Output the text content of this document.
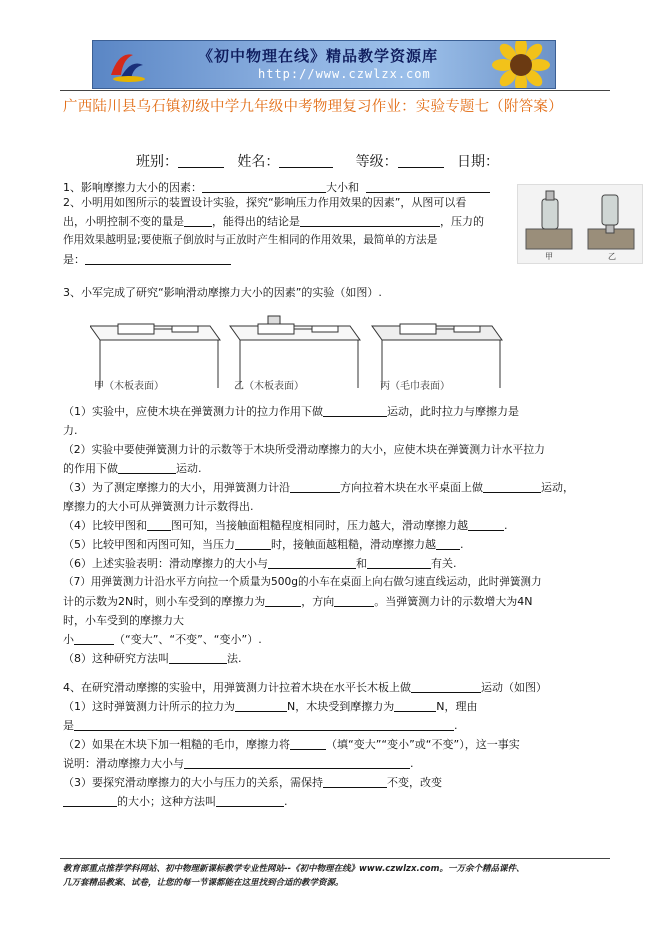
《初中物理在线》精品教学资源库
http://www.czwlzx.com
广西陆川县乌石镇初级中学九年级中考物理复习作业：实验专题七（附答案）
班别：	姓名：	等级：	日期：
1、影响摩擦力大小的因素：	大小和
2、小明用如图所示的装置设计实验，探究“影响压力作用效果的因素”，从图可以看
出，小明控制不变的量是	，能得出的结论是	，压力的
作用效果越明显;要使瓶子倒放时与正放时产生相同的作用效果，最简单的方法是
是：	甲	乙
3、小军完成了研究“影响滑动摩擦力大小的因素”的实验（如图）.
甲（木板表面）	乙（木板表面）	丙（毛巾表面）
（1）实验中，应使木块在弹簧测力计的拉力作用下做	运动，此时拉力与摩擦力是
力.
（2）实验中要使弹簧测力计的示数等于木块所受滑动摩擦力的大小，应使木块在弹簧测力计水平拉力
的作用下做	运动.
（3）为了测定摩擦力的大小，用弹簧测力计沿	方向拉着木块在水平桌面上做	运动，
摩擦力的大小可从弹簧测力计示数得出.
（4）比较甲图和 图可知，当接触面粗糙程度相同时，压力越大，滑动摩擦力越	.
（5）比较甲图和丙图可知，当压力	时，接触面越粗糙，滑动摩擦力越 .
（6）上述实验表明：滑动摩擦力的大小与	和	有关.
（7）用弹簧测力计沿水平方向拉一个质量为500g的小车在桌面上向右做匀速直线运动，此时弹簧测力
计的示数为2N时，则小车受到的摩擦力为	，方向	。当弹簧测力计的示数增大为4N
时，小车受到的摩擦力大
小	（“变大”、“不变”、“变小”）.
（8）这种研究方法叫	法.
4、在研究滑动摩擦的实验中，用弹簧测力计拉着木块在水平长木板上做	运动（如图）
（1）这时弹簧测力计所示的拉力为	N，木块受到摩擦力为	N，理由
是	.
（2）如果在木块下加一粗糙的毛巾，摩擦力将	（填“变大”“变小”或“不变”），这一事实
说明：滑动摩擦力大小与	.
（3）要探究滑动摩擦力的大小与压力的关系，需保持	不变，改变
的大小；这种方法叫	.
教育部重点推荐学科网站、初中物理新课标教学专业性网站--《初中物理在线》www.czwlzx.com。一万余个精品课件、
几万套精品教案、试卷，让您的每一节课都能在这里找到合适的教学资源。
